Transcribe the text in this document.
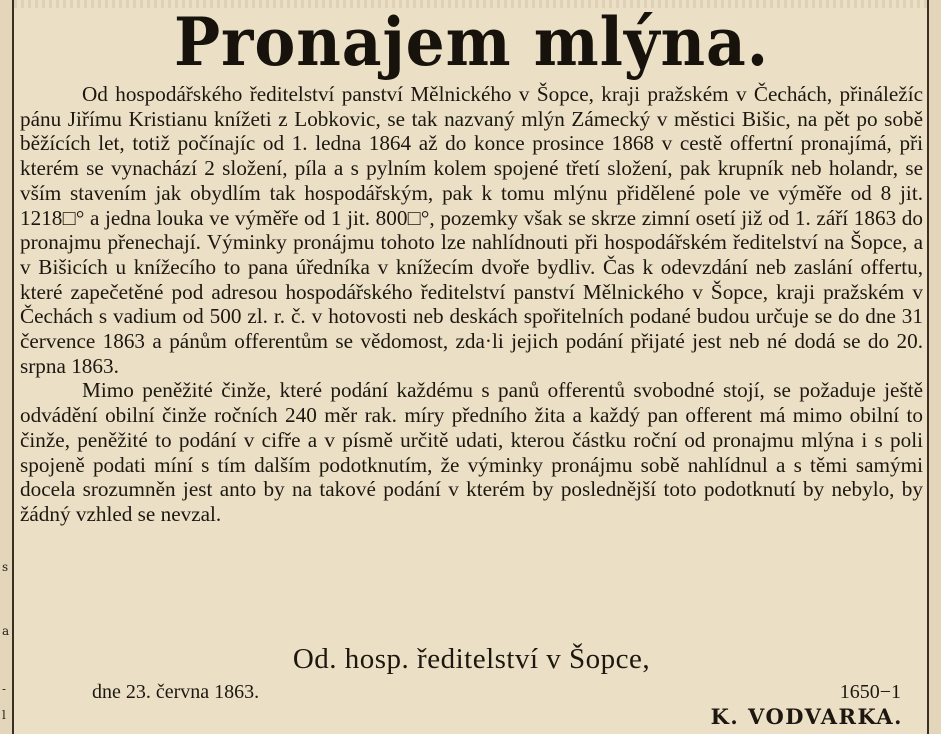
s
a
-
l
Pronajem mlýna.

Od hospodářského ředitelství panství Mělnického v Šopce, kraji pražském v Čechách, přináležíc pánu Jiřímu Kristianu knížeti z Lobkovic, se tak nazvaný mlýn Zámecký v městici Bišic, na pět po sobě běžících let, totiž počínajíc od 1. ledna 1864 až do konce prosince 1868 v cestě offertní pronajímá, při kterém se vynachází 2 složení, píla a s pylním kolem spojené třetí složení, pak krupník neb holandr, se vším stavením jak obydlím tak hospodářským, pak k tomu mlýnu přidělené pole ve výměře od 8 jit. 1218□° a jedna louka ve výměře od 1 jit. 800□°, pozemky však se skrze zimní osetí již od 1. září 1863 do pronajmu přenechají. Výminky pronájmu tohoto lze nahlídnouti při hospodářském ředitelství na Šopce, a v Bišicích u knížecího to pana úředníka v knížecím dvoře bydliv. Čas k odevzdání neb zaslání offertu, které zapečetěné pod adresou hospodářského ředitelství panství Mělnického v Šopce, kraji pražském v Čechách s vadium od 500 zl. r. č. v hotovosti neb deskách spořitelních podané budou určuje se do dne 31 července 1863 a pánům offerentům se vědomost, zda·li jejich podání přijaté jest neb né dodá se do 20. srpna 1863.

Mimo peněžité činže, které podání každému s panů offerentů svobodné stojí, se požaduje ještě odvádění obilní činže ročních 240 měr rak. míry předního žita a každý pan offerent má mimo obilní to činže, peněžité to podání v cifře a v písmě určitě udati, kterou částku roční od pronajmu mlýna i s poli spojeně podati míní s tím dalším podotknutím, že výminky pronájmu sobě nahlídnul a s těmi samými docela srozumněn jest anto by na takové podání v kterém by poslednější toto podotknutí by nebylo, by žádný vzhled se nevzal.

Od. hosp. ředitelství v Šopce,
dne 23. června 1863.	1650−1
K. VODVARKA.
